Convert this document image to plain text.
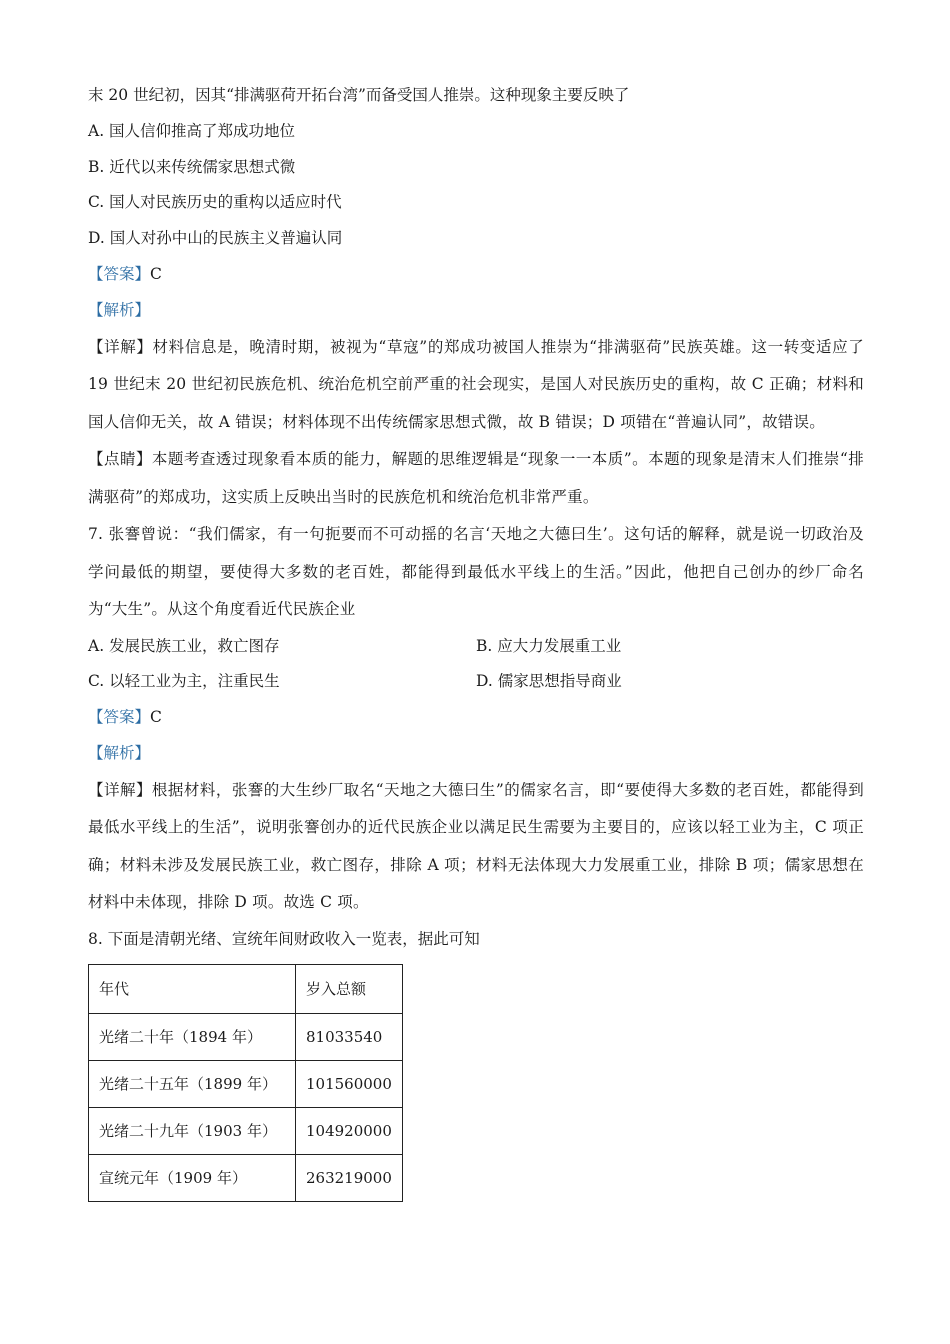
末 20 世纪初，因其“排满驱荷开拓台湾”而备受国人推崇。这种现象主要反映了

A. 国人信仰推高了郑成功地位

B. 近代以来传统儒家思想式微

C. 国人对民族历史的重构以适应时代

D. 国人对孙中山的民族主义普遍认同

【答案】C

【解析】

【详解】材料信息是，晚清时期，被视为“草寇”的郑成功被国人推崇为“排满驱荷”民族英雄。这一转变适应了 19 世纪末 20 世纪初民族危机、统治危机空前严重的社会现实，是国人对民族历史的重构，故 C 正确；材料和国人信仰无关，故 A 错误；材料体现不出传统儒家思想式微，故 B 错误；D 项错在“普遍认同”，故错误。

【点睛】本题考查透过现象看本质的能力，解题的思维逻辑是“现象一一本质”。本题的现象是清末人们推崇“排满驱荷”的郑成功，这实质上反映出当时的民族危机和统治危机非常严重。

7. 张謇曾说：“我们儒家，有一句扼要而不可动摇的名言‘天地之大德曰生’。这句话的解释，就是说一切政治及学问最低的期望，要使得大多数的老百姓，都能得到最低水平线上的生活。”因此，他把自己创办的纱厂命名为“大生”。从这个角度看近代民族企业

A. 发展民族工业，救亡图存	B. 应大力发展重工业
C. 以轻工业为主，注重民生	D. 儒家思想指导商业

【答案】C

【解析】

【详解】根据材料，张謇的大生纱厂取名“天地之大德曰生”的儒家名言，即“要使得大多数的老百姓，都能得到最低水平线上的生活”，说明张謇创办的近代民族企业以满足民生需要为主要目的，应该以轻工业为主，C 项正确；材料未涉及发展民族工业，救亡图存，排除 A 项；材料无法体现大力发展重工业，排除 B 项；儒家思想在材料中未体现，排除 D 项。故选 C 项。

8. 下面是清朝光绪、宣统年间财政收入一览表，据此可知

年代	岁入总额
光绪二十年（1894 年）	81033540
光绪二十五年（1899 年）	101560000
光绪二十九年（1903 年）	104920000
宣统元年（1909 年）	263219000
